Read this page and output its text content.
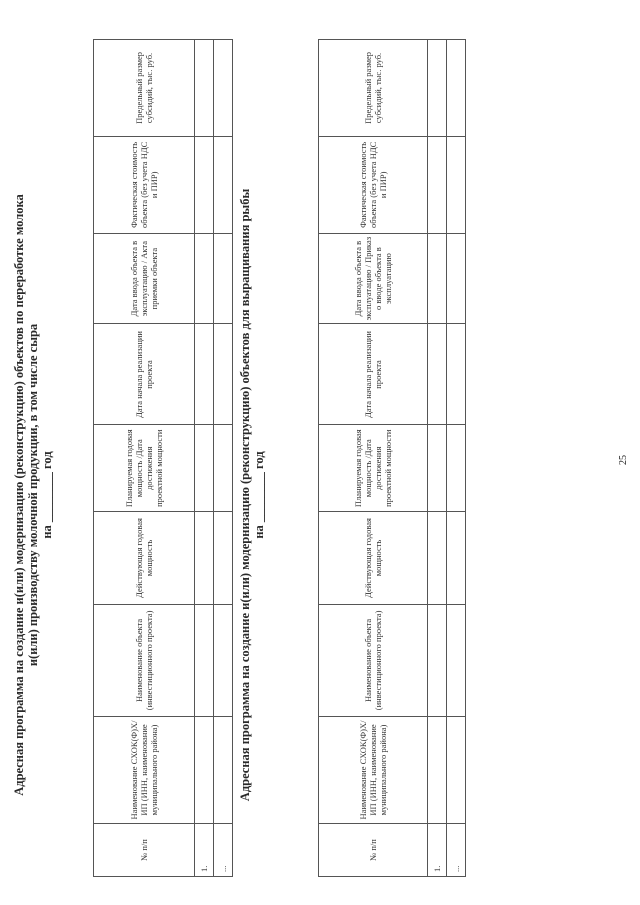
Адресная программа на создание и(или) модернизацию (реконструкцию) объектов по переработке молока и(или) производству молочной продукции, в том числе сыра на ________ год
№ п/п	Наименование СХОК(Ф)Х/ИП (ИНН, наименование муниципального района)	Наименование объекта (инвестиционного проекта)	Действующая годовая мощность	Планируемая годовая мощность /Дата достижения проектной мощности	Дата начала реализации проекта	Дата ввода объекта в эксплуатацию / Акта приемки объекта	Фактическая стоимость объекта (без учета НДС и ПИР)	Предельный размер субсидий, тыс. руб.
1.								
...								
Адресная программа на создание и(или) модернизацию (реконструкцию) объектов для выращивания рыбы на ________ год
№ п/п	Наименование СХОК(Ф)Х/ИП (ИНН, наименование муниципального района)	Наименование объекта (инвестиционного проекта)	Действующая годовая мощность	Планируемая годовая мощность /Дата достижения проектной мощности	Дата начала реализации проекта	Дата ввода объекта в эксплуатацию / Приказ о вводе объекта в эксплуатацию	Фактическая стоимость объекта (без учета НДС и ПИР)	Предельный размер субсидий, тыс. руб.
1.								
...								
25
